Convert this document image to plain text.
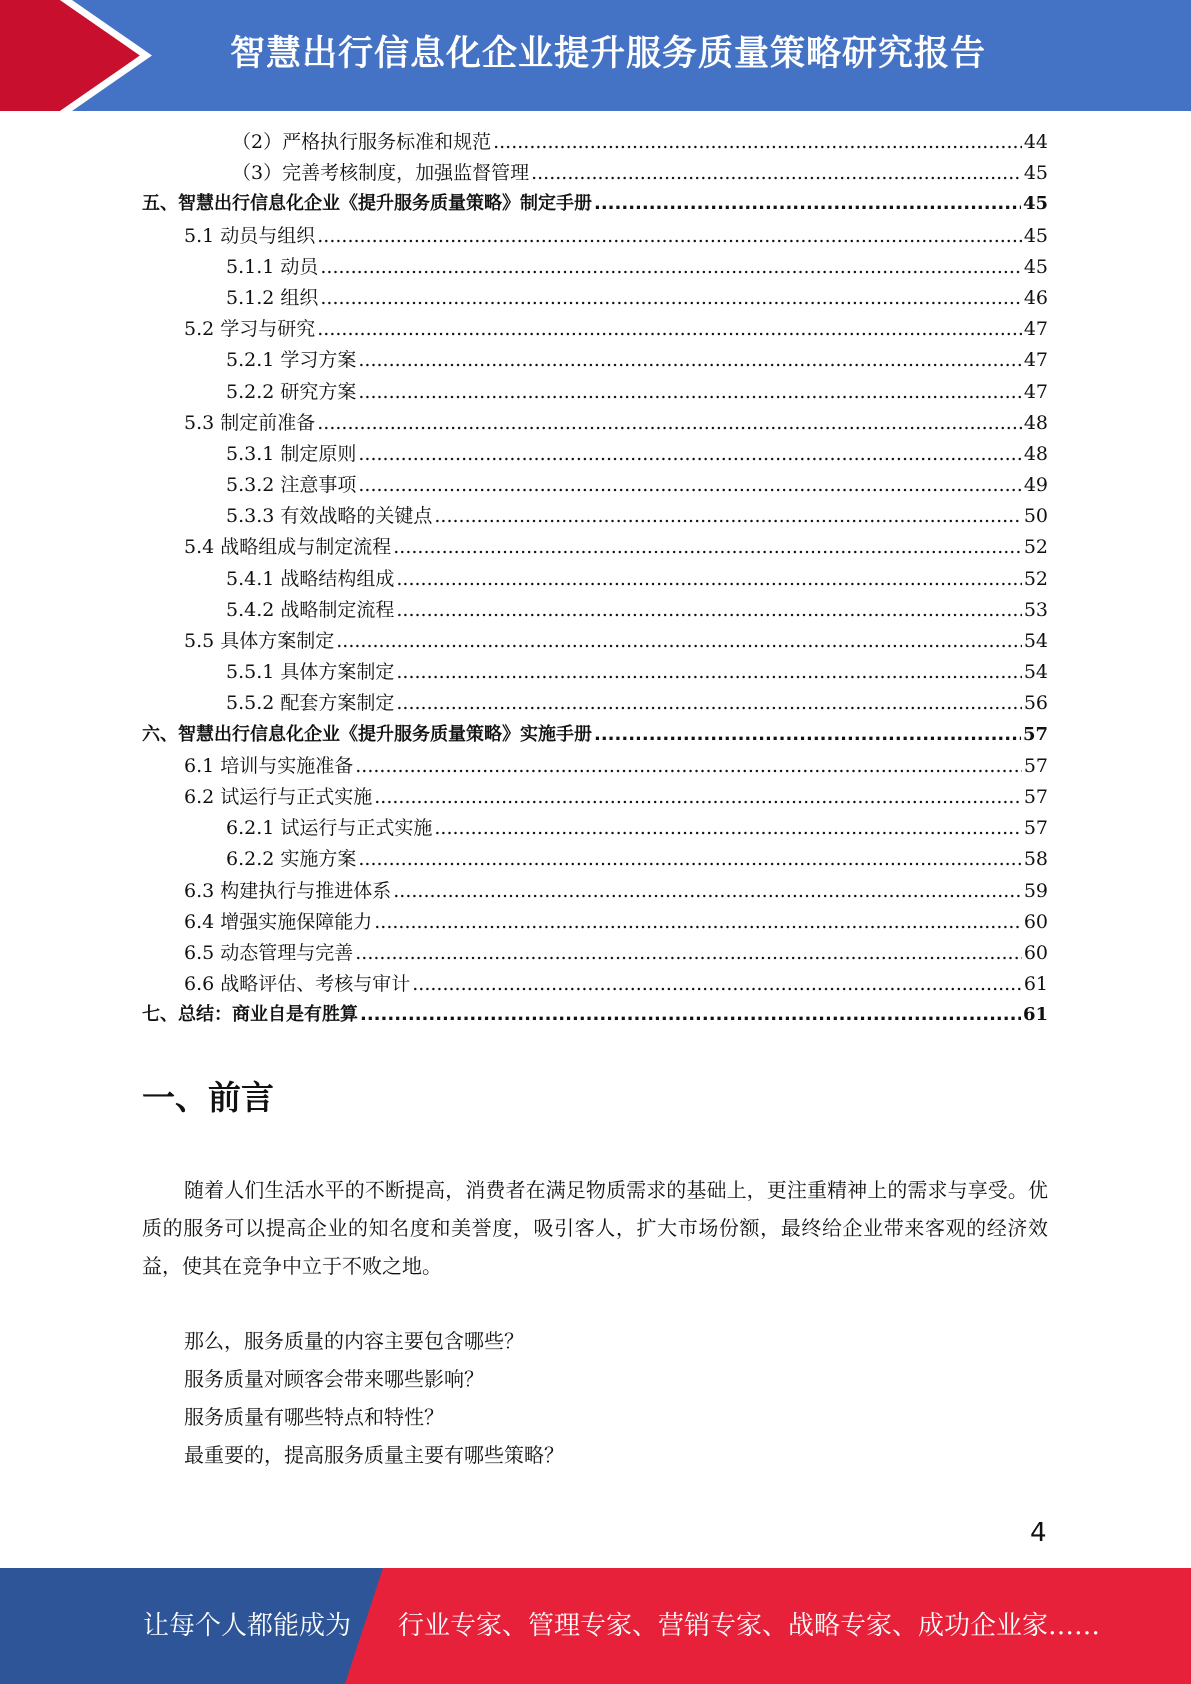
智慧出行信息化企业提升服务质量策略研究报告
（2）严格执行服务标准和规范 .....	44
（3）完善考核制度，加强监督管理 .....	45
五、智慧出行信息化企业《提升服务质量策略》制定手册 .....	45
5.1 动员与组织 .....	45
5.1.1 动员 .....	45
5.1.2 组织 .....	46
5.2 学习与研究 .....	47
5.2.1 学习方案 .....	47
5.2.2 研究方案 .....	47
5.3 制定前准备 .....	48
5.3.1 制定原则 .....	48
5.3.2 注意事项 .....	49
5.3.3 有效战略的关键点 .....	50
5.4 战略组成与制定流程 .....	52
5.4.1 战略结构组成 .....	52
5.4.2 战略制定流程 .....	53
5.5 具体方案制定 .....	54
5.5.1 具体方案制定 .....	54
5.5.2 配套方案制定 .....	56
六、智慧出行信息化企业《提升服务质量策略》实施手册 .....	57
6.1 培训与实施准备 .....	57
6.2 试运行与正式实施 .....	57
6.2.1 试运行与正式实施 .....	57
6.2.2 实施方案 .....	58
6.3 构建执行与推进体系 .....	59
6.4 增强实施保障能力 .....	60
6.5 动态管理与完善 .....	60
6.6 战略评估、考核与审计 .....	61
七、总结：商业自是有胜算 .....	61
一、前言
随着人们生活水平的不断提高，消费者在满足物质需求的基础上，更注重精神上的需求与享受。优质的服务可以提高企业的知名度和美誉度，吸引客人，扩大市场份额，最终给企业带来客观的经济效益，使其在竞争中立于不败之地。
那么，服务质量的内容主要包含哪些？
服务质量对顾客会带来哪些影响？
服务质量有哪些特点和特性？
最重要的，提高服务质量主要有哪些策略？
4
让每个人都能成为 行业专家、管理专家、营销专家、战略专家、成功企业家……
